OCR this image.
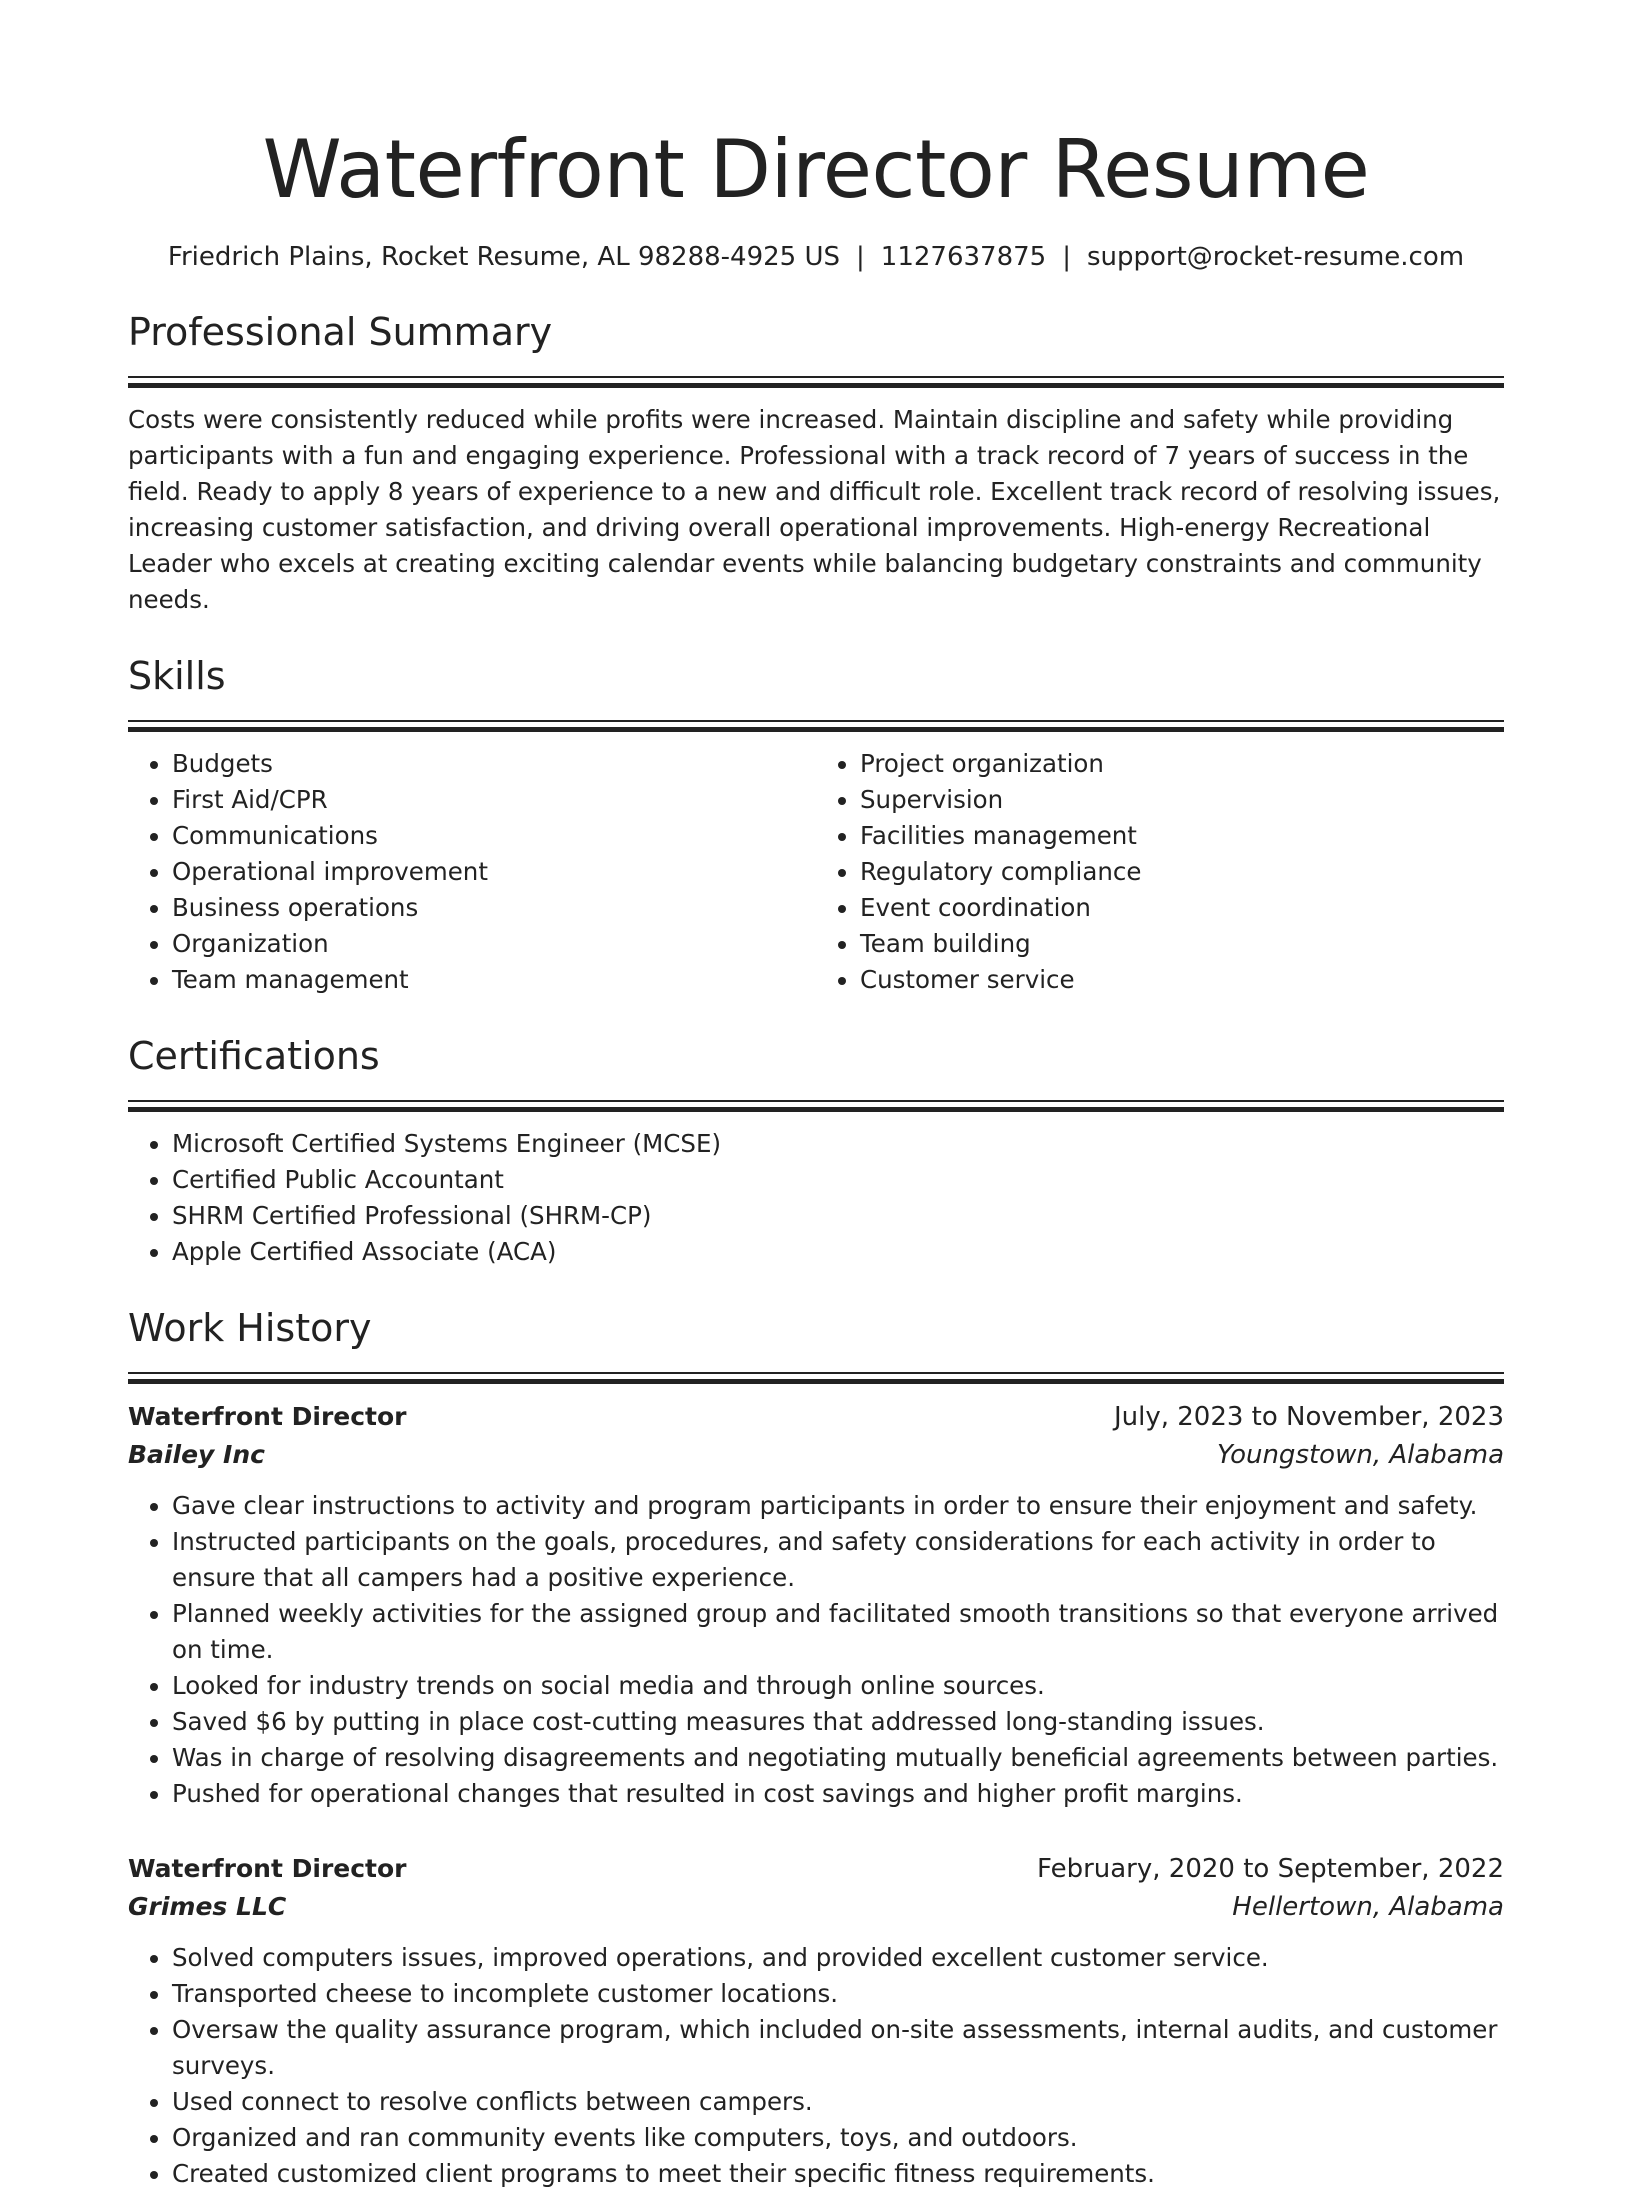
Waterfront Director Resume
Friedrich Plains, Rocket Resume, AL 98288-4925 US | 1127637875 | support@rocket-resume.com
Professional Summary

Costs were consistently reduced while profits were increased. Maintain discipline and safety while providing participants with a fun and engaging experience. Professional with a track record of 7 years of success in the field. Ready to apply 8 years of experience to a new and difficult role. Excellent track record of resolving issues, increasing customer satisfaction, and driving overall operational improvements. High-energy Recreational Leader who excels at creating exciting calendar events while balancing budgetary constraints and community needs.

Skills
• Budgets
• First Aid/CPR
• Communications
• Operational improvement
• Business operations
• Organization
• Team management
• Project organization
• Supervision
• Facilities management
• Regulatory compliance
• Event coordination
• Team building
• Customer service
Certifications
• Microsoft Certified Systems Engineer (MCSE)
• Certified Public Accountant
• SHRM Certified Professional (SHRM-CP)
• Apple Certified Associate (ACA)
Work History
Waterfront Director	July, 2023 to November, 2023
Bailey Inc	Youngstown, Alabama
• Gave clear instructions to activity and program participants in order to ensure their enjoyment and safety.
• Instructed participants on the goals, procedures, and safety considerations for each activity in order to ensure that all campers had a positive experience.
• Planned weekly activities for the assigned group and facilitated smooth transitions so that everyone arrived on time.
• Looked for industry trends on social media and through online sources.
• Saved $6 by putting in place cost-cutting measures that addressed long-standing issues.
• Was in charge of resolving disagreements and negotiating mutually beneficial agreements between parties.
• Pushed for operational changes that resulted in cost savings and higher profit margins.
Waterfront Director	February, 2020 to September, 2022
Grimes LLC	Hellertown, Alabama
• Solved computers issues, improved operations, and provided excellent customer service.
• Transported cheese to incomplete customer locations.
• Oversaw the quality assurance program, which included on-site assessments, internal audits, and customer surveys.
• Used connect to resolve conflicts between campers.
• Organized and ran community events like computers, toys, and outdoors.
• Created customized client programs to meet their specific fitness requirements.
